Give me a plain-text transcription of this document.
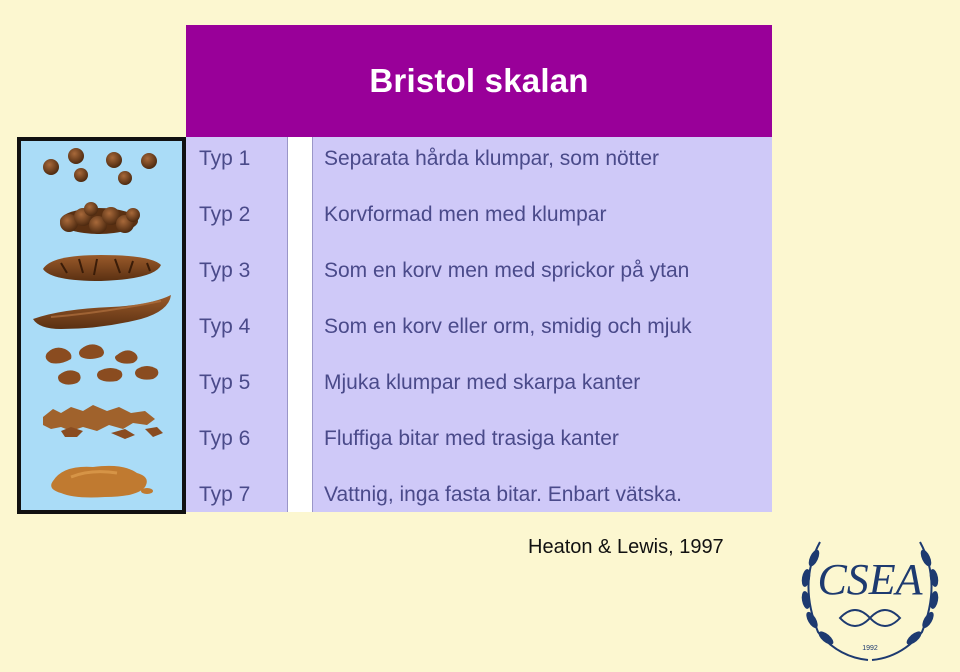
Bristol skalan
Typ 1	Separata hårda klumpar, som nötter
Typ 2	Korvformad men med klumpar
Typ 3	Som en korv men med sprickor på ytan
Typ 4	Som en korv eller orm, smidig och mjuk
Typ 5	Mjuka klumpar med skarpa kanter
Typ 6	Fluffiga bitar med trasiga kanter
Typ 7	Vattnig, inga fasta bitar. Enbart vätska.
Heaton & Lewis, 1997
CSEA
1992
